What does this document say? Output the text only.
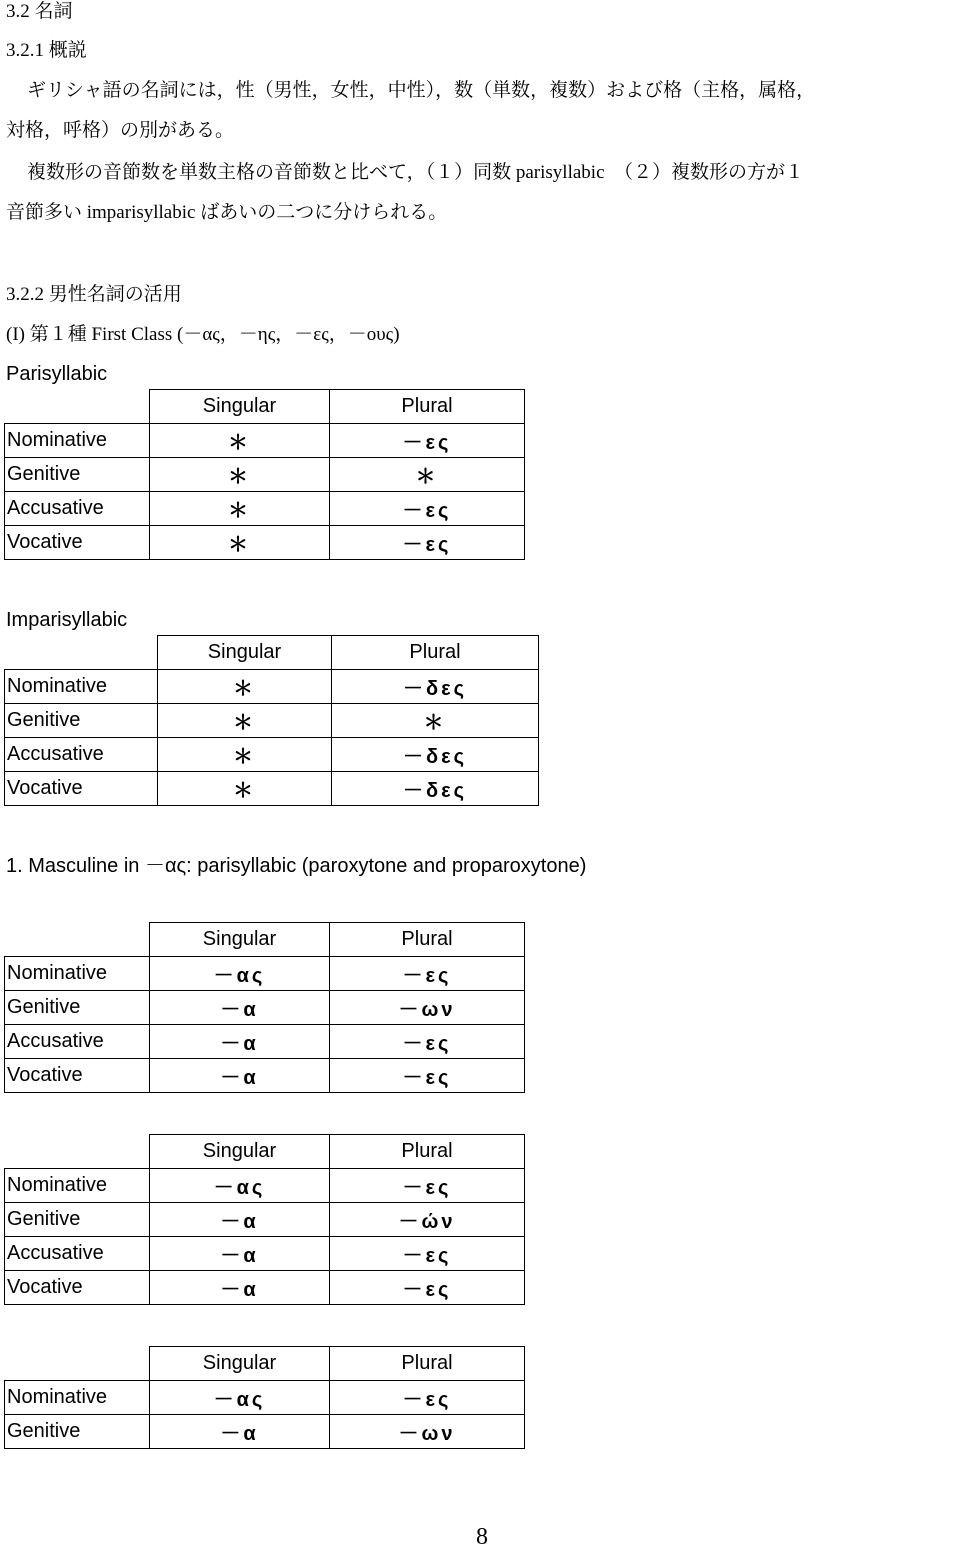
3.2 名詞
3.2.1 概説
ギリシャ語の名詞には，性（男性，女性，中性），数（単数，複数）および格（主格，属格，
対格，呼格）の別がある。
複数形の音節数を単数主格の音節数と比べて，（１）同数 parisyllabic　（２）複数形の方が１
音節多い imparisyllabic ばあいの二つに分けられる。
3.2.2 男性名詞の活用
(I) 第１種 First Class (－ας，－ης，－ες，－ους)
Parisyllabic
	Singular	Plural
Nominative	＊	－ες
Genitive	＊	＊
Accusative	＊	－ες
Vocative	＊	－ες
Imparisyllabic
	Singular	Plural
Nominative	＊	－δες
Genitive	＊	＊
Accusative	＊	－δες
Vocative	＊	－δες
1. Masculine in －ας: parisyllabic (paroxytone and proparoxytone)
	Singular	Plural
Nominative	－ας	－ες
Genitive	－α	－ων
Accusative	－α	－ες
Vocative	－α	－ες
	Singular	Plural
Nominative	－ας	－ες
Genitive	－α	－ών
Accusative	－α	－ες
Vocative	－α	－ες
	Singular	Plural
Nominative	－ας	－ες
Genitive	－α	－ων
8
